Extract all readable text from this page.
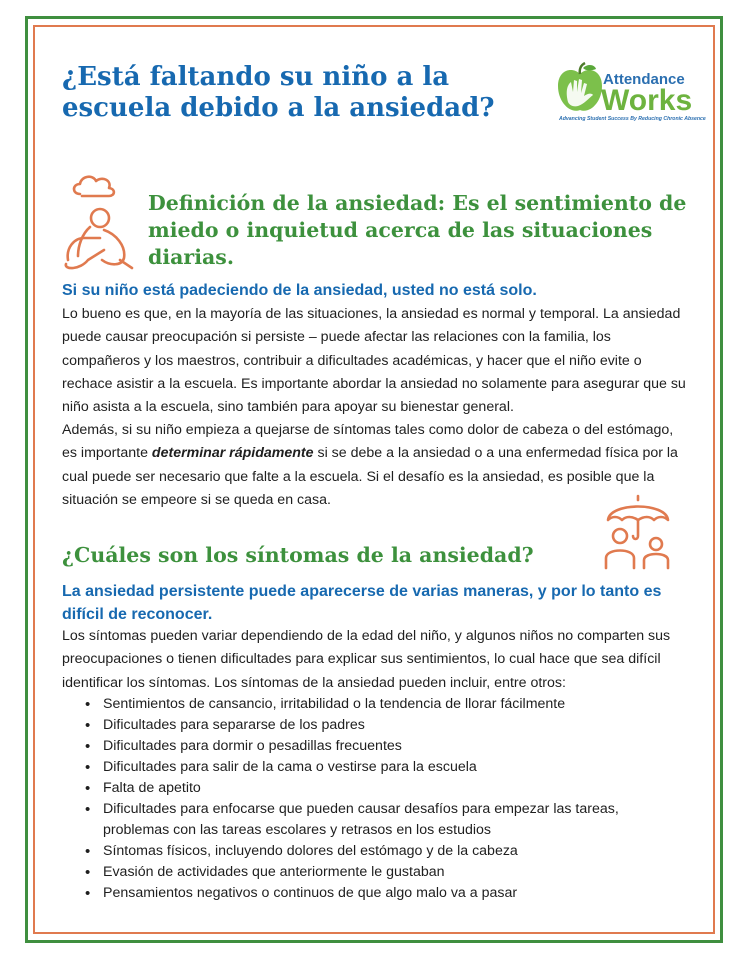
¿Está faltando su niño a la escuela debido a la ansiedad?
Attendance
Works
Advancing Student Success By Reducing Chronic Absence
Definición de la ansiedad: Es el sentimiento de miedo o inquietud acerca de las situaciones diarias.
Si su niño está padeciendo de la ansiedad, usted no está solo.

Lo bueno es que, en la mayoría de las situaciones, la ansiedad es normal y temporal. La ansiedad puede causar preocupación si persiste – puede afectar las relaciones con la familia, los compañeros y los maestros, contribuir a dificultades académicas, y hacer que el niño evite o rechace asistir a la escuela. Es importante abordar la ansiedad no solamente para asegurar que su niño asista a la escuela, sino también para apoyar su bienestar general.

Además, si su niño empieza a quejarse de síntomas tales como dolor de cabeza o del estómago, es importante determinar rápidamente si se debe a la ansiedad o a una enfermedad física por la cual puede ser necesario que falte a la escuela. Si el desafío es la ansiedad, es posible que la situación se empeore si se queda en casa.

¿Cuáles son los síntomas de la ansiedad?
La ansiedad persistente puede aparecerse de varias maneras, y por lo tanto es difícil de reconocer.

Los síntomas pueden variar dependiendo de la edad del niño, y algunos niños no comparten sus preocupaciones o tienen dificultades para explicar sus sentimientos, lo cual hace que sea difícil identificar los síntomas. Los síntomas de la ansiedad pueden incluir, entre otros:

• Sentimientos de cansancio, irritabilidad o la tendencia de llorar fácilmente
• Dificultades para separarse de los padres
• Dificultades para dormir o pesadillas frecuentes
• Dificultades para salir de la cama o vestirse para la escuela
• Falta de apetito
• Dificultades para enfocarse que pueden causar desafíos para empezar las tareas, problemas con las tareas escolares y retrasos en los estudios
• Síntomas físicos, incluyendo dolores del estómago y de la cabeza
• Evasión de actividades que anteriormente le gustaban
• Pensamientos negativos o continuos de que algo malo va a pasar
